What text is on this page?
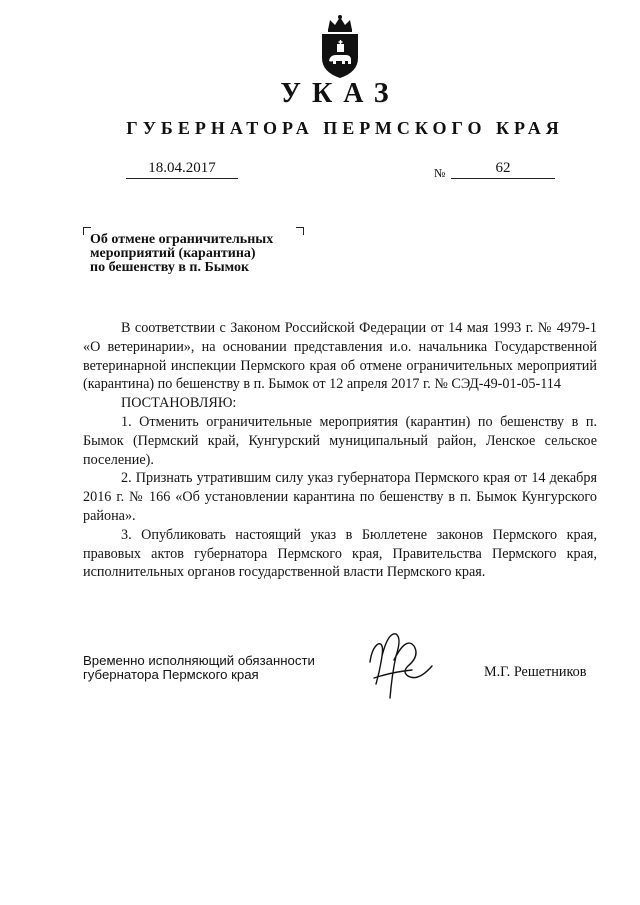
УКАЗ
ГУБЕРНАТОРА ПЕРМСКОГО КРАЯ
18.04.2017	№	62
Об отмене ограничительных
мероприятий (карантина)
по бешенству в п. Бымок

В соответствии с Законом Российской Федерации от 14 мая 1993 г. № 4979-1 «О ветеринарии», на основании представления и.о. начальника Государственной ветеринарной инспекции Пермского края об отмене ограничительных мероприятий (карантина) по бешенству в п. Бымок от 12 апреля 2017 г. № СЭД-49-01-05-114

ПОСТАНОВЛЯЮ:

1. Отменить ограничительные мероприятия (карантин) по бешенству в п. Бымок (Пермский край, Кунгурский муниципальный район, Ленское сельское поселение).

2. Признать утратившим силу указ губернатора Пермского края от 14 декабря 2016 г. № 166 «Об установлении карантина по бешенству в п. Бымок Кунгурского района».

3. Опубликовать настоящий указ в Бюллетене законов Пермского края, правовых актов губернатора Пермского края, Правительства Пермского края, исполнительных органов государственной власти Пермского края.

Временно исполняющий обязанности
губернатора Пермского края	М.Г. Решетников
